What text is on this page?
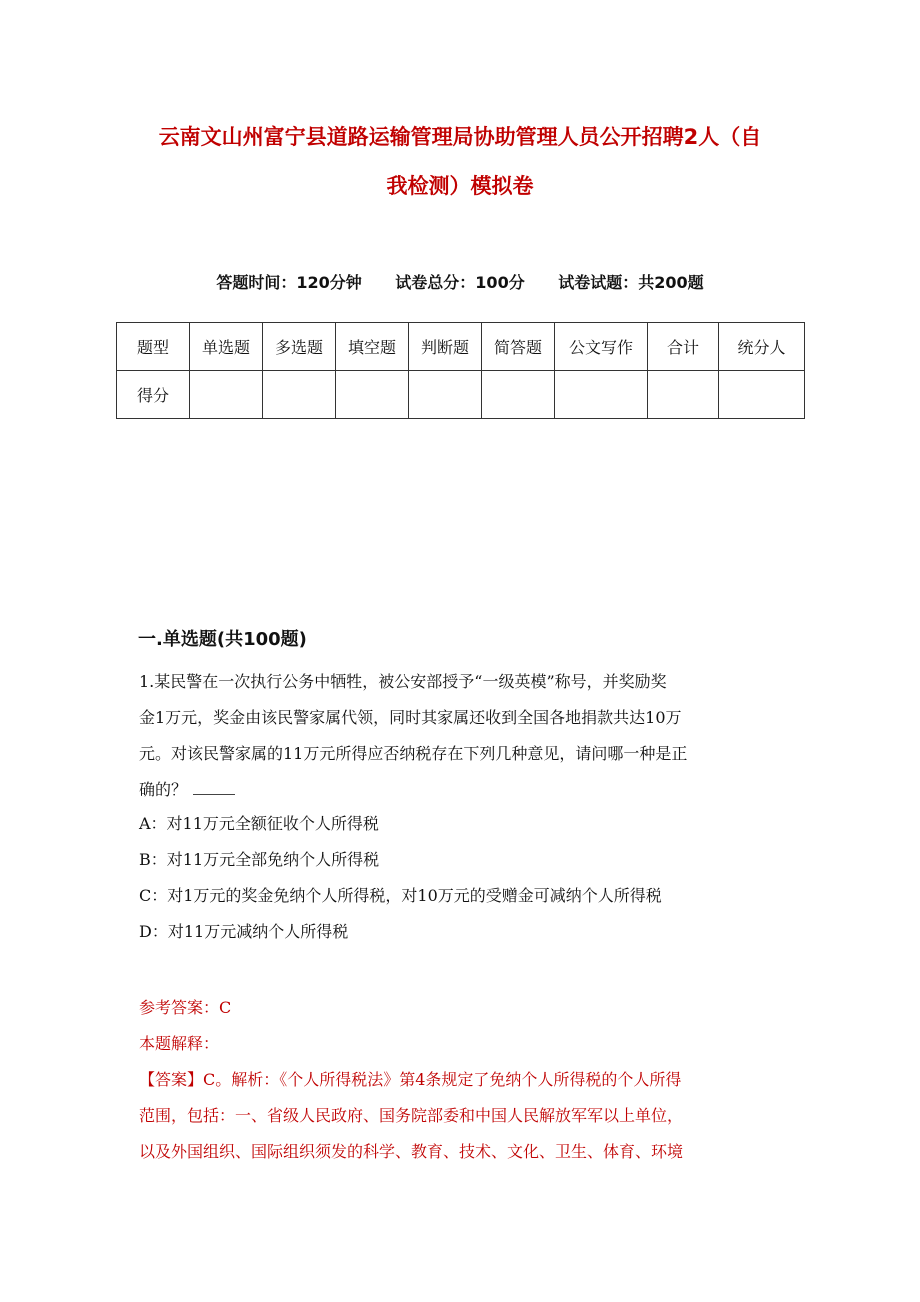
云南文山州富宁县道路运输管理局协助管理人员公开招聘2人（自
我检测）模拟卷
答题时间：120分钟 试卷总分：100分 试卷试题：共200题
题型	单选题	多选题	填空题	判断题	简答题	公文写作	合计	统分人
得分								
一.单选题(共100题)
1.某民警在一次执行公务中牺牲，被公安部授予“一级英模”称号，并奖励奖
金1万元，奖金由该民警家属代领，同时其家属还收到全国各地捐款共达10万
元。对该民警家属的11万元所得应否纳税存在下列几种意见，请问哪一种是正
确的？
A：对11万元全额征收个人所得税
B：对11万元全部免纳个人所得税
C：对1万元的奖金免纳个人所得税，对10万元的受赠金可减纳个人所得税
D：对11万元减纳个人所得税
参考答案：C
本题解释：
【答案】C。解析：《个人所得税法》第4条规定了免纳个人所得税的个人所得
范围，包括：一、省级人民政府、国务院部委和中国人民解放军军以上单位，
以及外国组织、国际组织须发的科学、教育、技术、文化、卫生、体育、环境
